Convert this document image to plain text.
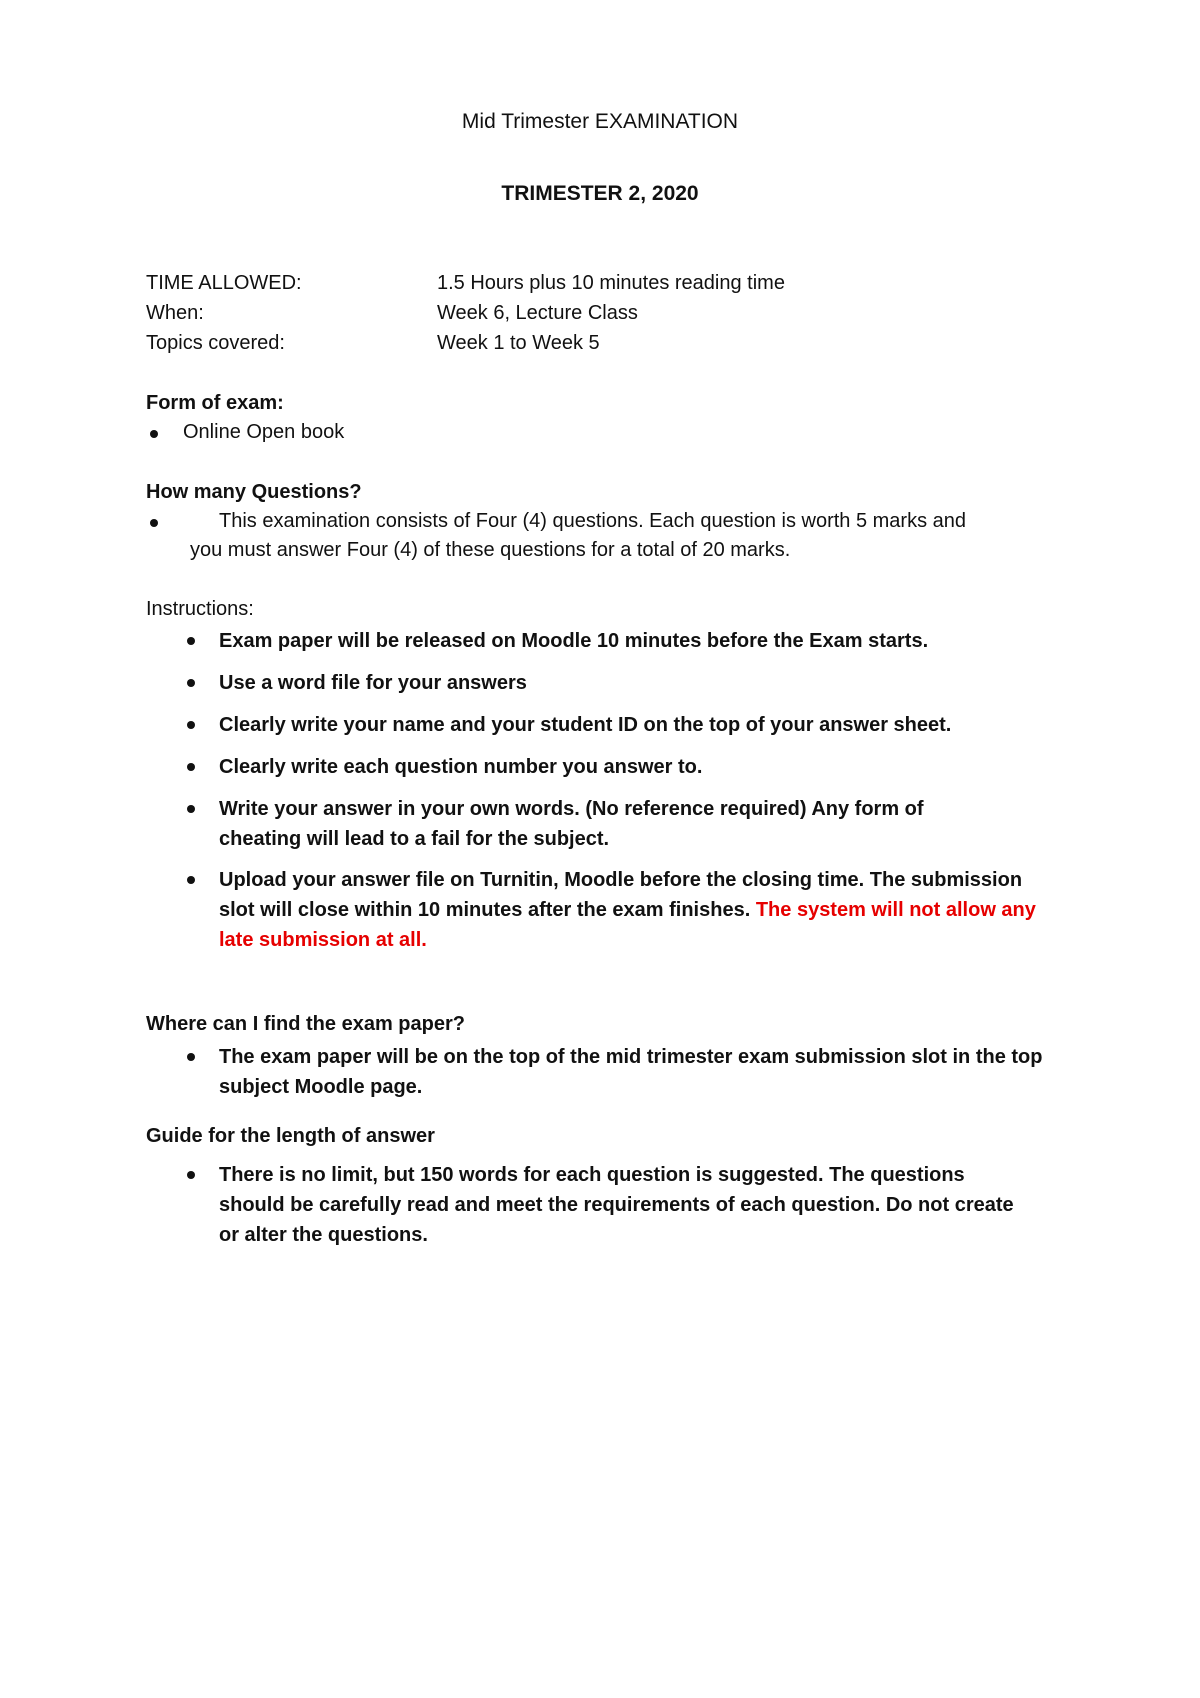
Mid Trimester EXAMINATION
TRIMESTER 2, 2020
TIME ALLOWED:	1.5 Hours plus 10 minutes reading time
When:	Week 6, Lecture Class
Topics covered:	Week 1 to Week 5
Form of exam:
Online Open book
How many Questions?
This examination consists of Four (4) questions. Each question is worth 5 marks and
you must answer Four (4) of these questions for a total of 20 marks.
Instructions:
Exam paper will be released on Moodle 10 minutes before the Exam starts.
Use a word file for your answers
Clearly write your name and your student ID on the top of your answer sheet.
Clearly write each question number you answer to.
Write your answer in your own words. (No reference required) Any form of cheating will lead to a fail for the subject.
Upload your answer file on Turnitin, Moodle before the closing time. The submission slot will close within 10 minutes after the exam finishes. The system will not allow any late submission at all.
Where can I find the exam paper?
The exam paper will be on the top of the mid trimester exam submission slot in the top subject Moodle page.
Guide for the length of answer
There is no limit, but 150 words for each question is suggested. The questions should be carefully read and meet the requirements of each question. Do not create or alter the questions.
